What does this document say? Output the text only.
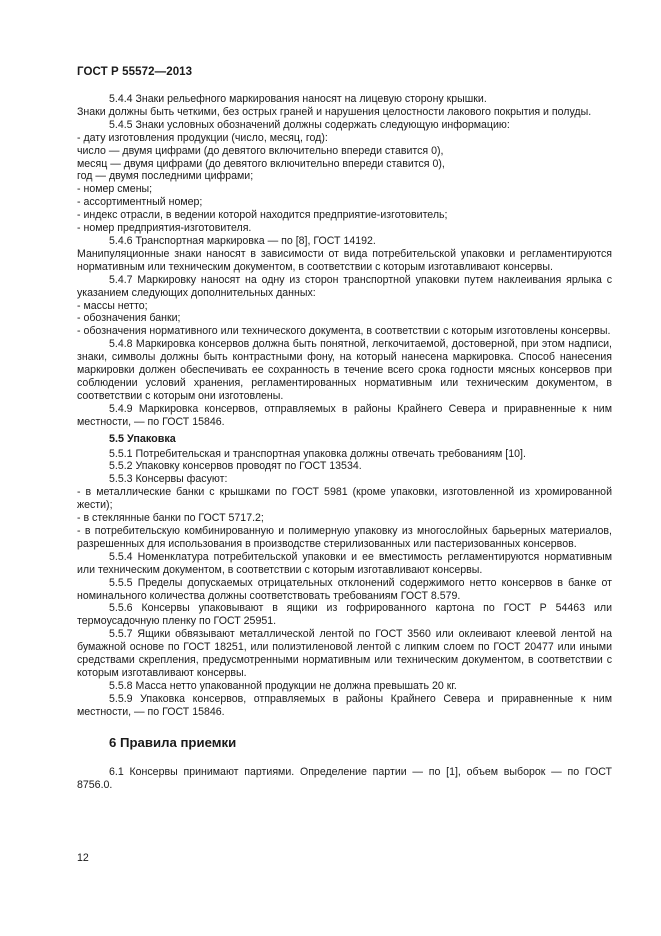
ГОСТ Р 55572—2013
5.4.4 Знаки рельефного маркирования наносят на лицевую сторону крышки.
Знаки должны быть четкими, без острых граней и нарушения целостности лакового покрытия и полуды.
5.4.5 Знаки условных обозначений должны содержать следующую информацию:
- дату изготовления продукции (число, месяц, год):
число — двумя цифрами (до девятого включительно впереди ставится 0),
месяц — двумя цифрами (до девятого включительно впереди ставится 0),
год — двумя последними цифрами;
- номер смены;
- ассортиментный номер;
- индекс отрасли, в ведении которой находится предприятие-изготовитель;
- номер предприятия-изготовителя.
5.4.6 Транспортная маркировка — по [8], ГОСТ 14192.
Манипуляционные знаки наносят в зависимости от вида потребительской упаковки и регламентируются нормативным или техническим документом, в соответствии с которым изготавливают консервы.
5.4.7 Маркировку наносят на одну из сторон транспортной упаковки путем наклеивания ярлыка с указанием следующих дополнительных данных:
- массы нетто;
- обозначения банки;
- обозначения нормативного или технического документа, в соответствии с которым изготовлены консервы.
5.4.8 Маркировка консервов должна быть понятной, легкочитаемой, достоверной, при этом надписи, знаки, символы должны быть контрастными фону, на который нанесена маркировка. Способ нанесения маркировки должен обеспечивать ее сохранность в течение всего срока годности мясных консервов при соблюдении условий хранения, регламентированных нормативным или техническим документом, в соответствии с которым они изготовлены.
5.4.9 Маркировка консервов, отправляемых в районы Крайнего Севера и приравненные к ним местности, — по ГОСТ 15846.
5.5 Упаковка
5.5.1 Потребительская и транспортная упаковка должны отвечать требованиям [10].
5.5.2 Упаковку консервов проводят по ГОСТ 13534.
5.5.3 Консервы фасуют:
- в металлические банки с крышками по ГОСТ 5981 (кроме упаковки, изготовленной из хромированной жести);
- в стеклянные банки по ГОСТ 5717.2;
- в потребительскую комбинированную и полимерную упаковку из многослойных барьерных материалов, разрешенных для использования в производстве стерилизованных или пастеризованных консервов.
5.5.4 Номенклатура потребительской упаковки и ее вместимость регламентируются нормативным или техническим документом, в соответствии с которым изготавливают консервы.
5.5.5 Пределы допускаемых отрицательных отклонений содержимого нетто консервов в банке от номинального количества должны соответствовать требованиям ГОСТ 8.579.
5.5.6 Консервы упаковывают в ящики из гофрированного картона по ГОСТ Р 54463 или термоусадочную пленку по ГОСТ 25951.
5.5.7 Ящики обвязывают металлической лентой по ГОСТ 3560 или оклеивают клеевой лентой на бумажной основе по ГОСТ 18251, или полиэтиленовой лентой с липким слоем по ГОСТ 20477 или иными средствами скрепления, предусмотренными нормативным или техническим документом, в соответствии с которым изготавливают консервы.
5.5.8 Масса нетто упакованной продукции не должна превышать 20 кг.
5.5.9 Упаковка консервов, отправляемых в районы Крайнего Севера и приравненные к ним местности, — по ГОСТ 15846.
6 Правила приемки
6.1 Консервы принимают партиями. Определение партии — по [1], объем выборок — по ГОСТ 8756.0.
12
